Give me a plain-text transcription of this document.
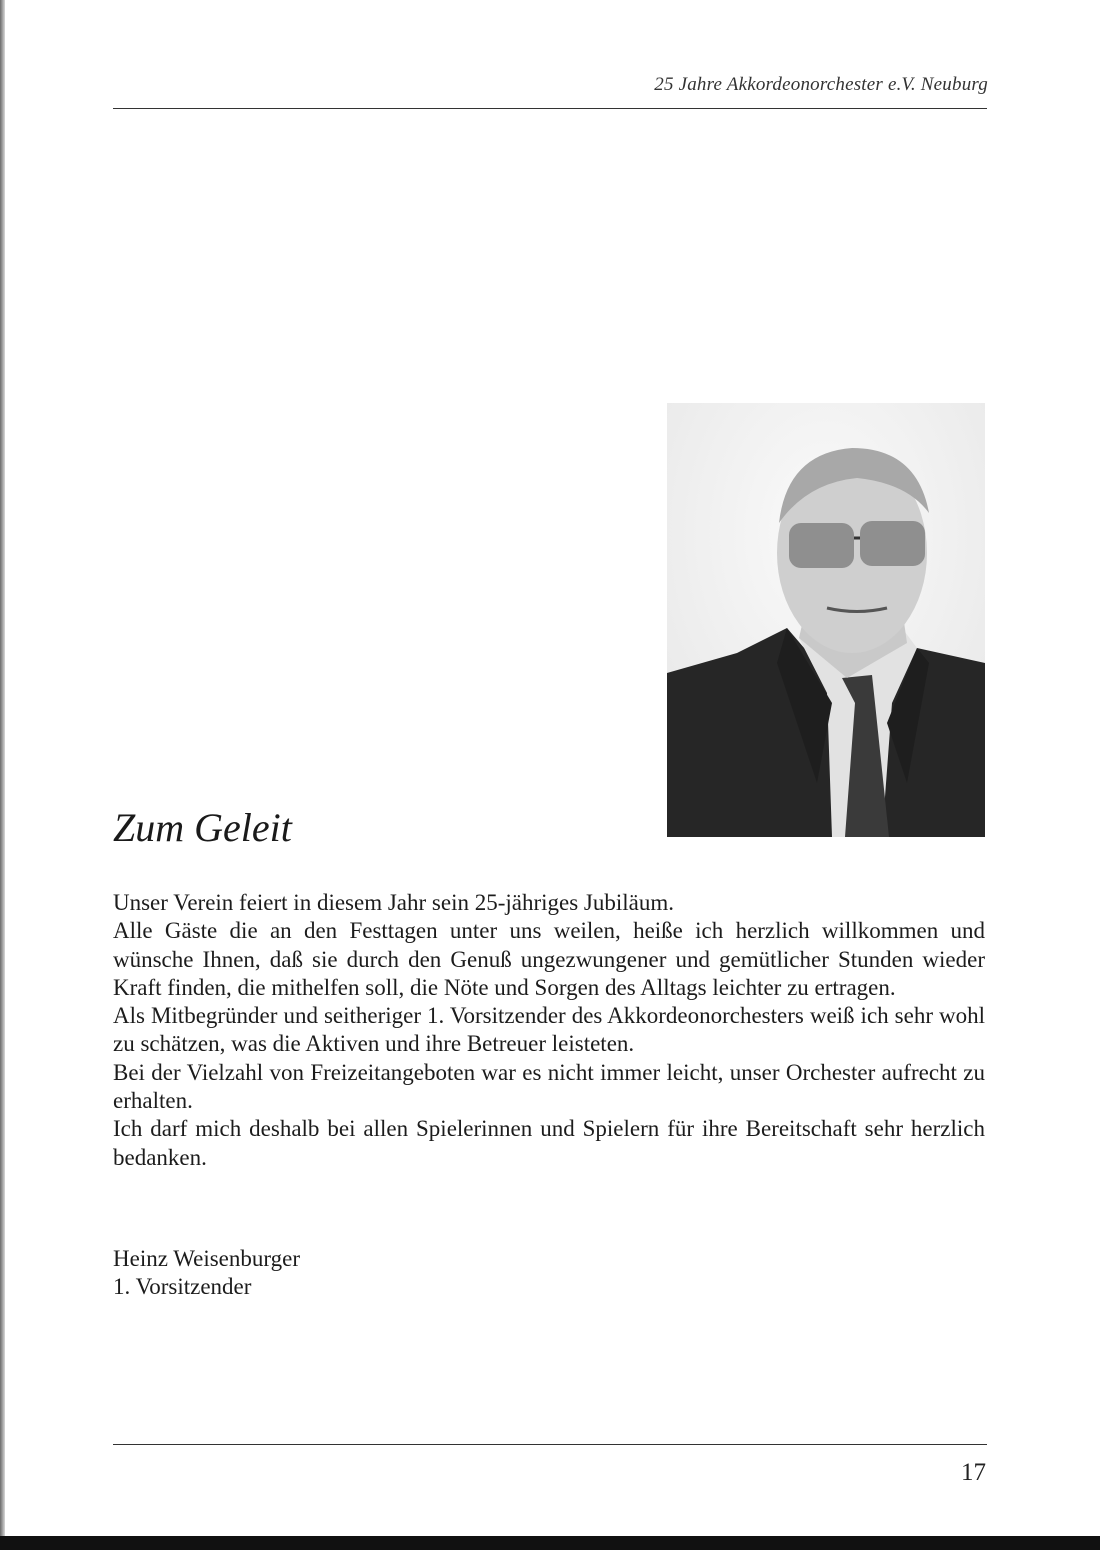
25 Jahre Akkordeonorchester e.V. Neuburg
Zum Geleit

Unser Verein feiert in diesem Jahr sein 25-jähriges Jubiläum.

Alle Gäste die an den Festtagen unter uns weilen, heiße ich herzlich willkommen und wünsche Ihnen, daß sie durch den Genuß ungezwungener und gemütlicher Stunden wieder Kraft finden, die mithelfen soll, die Nöte und Sorgen des Alltags leichter zu ertragen.

Als Mitbegründer und seitheriger 1. Vorsitzender des Akkordeonorchesters weiß ich sehr wohl zu schätzen, was die Aktiven und ihre Betreuer leisteten.

Bei der Vielzahl von Freizeitangeboten war es nicht immer leicht, unser Orchester aufrecht zu erhalten.

Ich darf mich deshalb bei allen Spielerinnen und Spielern für ihre Bereitschaft sehr herzlich bedanken.

Heinz Weisenburger
1. Vorsitzender
17
